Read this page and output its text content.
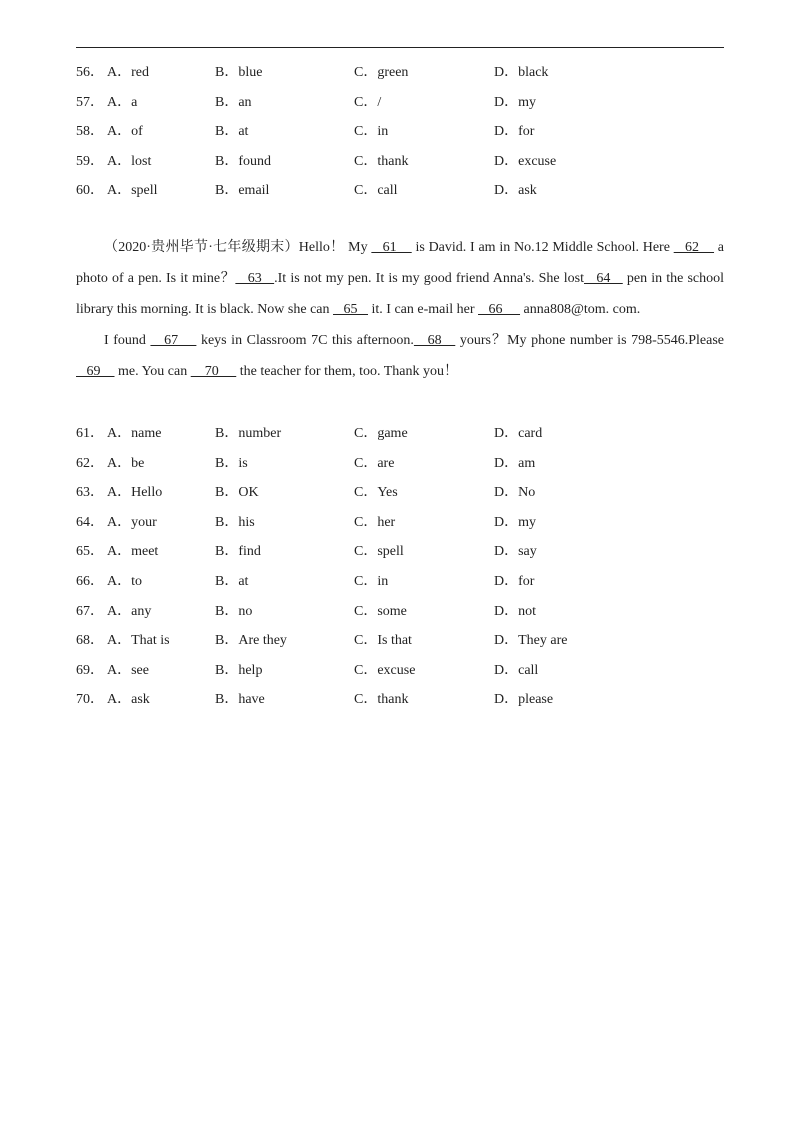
56． A．red	B．blue	C．green	D．black
57． A．a	B．an	C．/	D．my
58． A．of	B．at	C．in	D．for
59． A．lost	B．found	C．thank	D．excuse
60． A．spell	B．email	C．call	D．ask

（2020·贵州毕节·七年级期末）Hello！ My    61     is David. I am in No.12 Middle School. Here    62     a photo of a pen. Is it mine？   63   .It is not my pen. It is my good friend Anna's. She lost   64    pen in the school library this morning. It is black. Now she can    65    it. I can e-mail her    66      anna808@tom. com.

I found    67     keys in Classroom 7C this afternoon.   68    yours？My phone number is 798-5546.Please    69     me. You can     70      the teacher for them, too. Thank you！

61． A．name	B．number	C．game	D．card
62． A．be	B．is	C．are	D．am
63． A．Hello	B．OK	C．Yes	D．No
64． A．your	B．his	C．her	D．my
65． A．meet	B．find	C．spell	D．say
66． A．to	B．at	C．in	D．for
67． A．any	B．no	C．some	D．not
68． A．That is	B．Are they	C．Is that	D．They are
69． A．see	B．help	C．excuse	D．call
70． A．ask	B．have	C．thank	D．please
